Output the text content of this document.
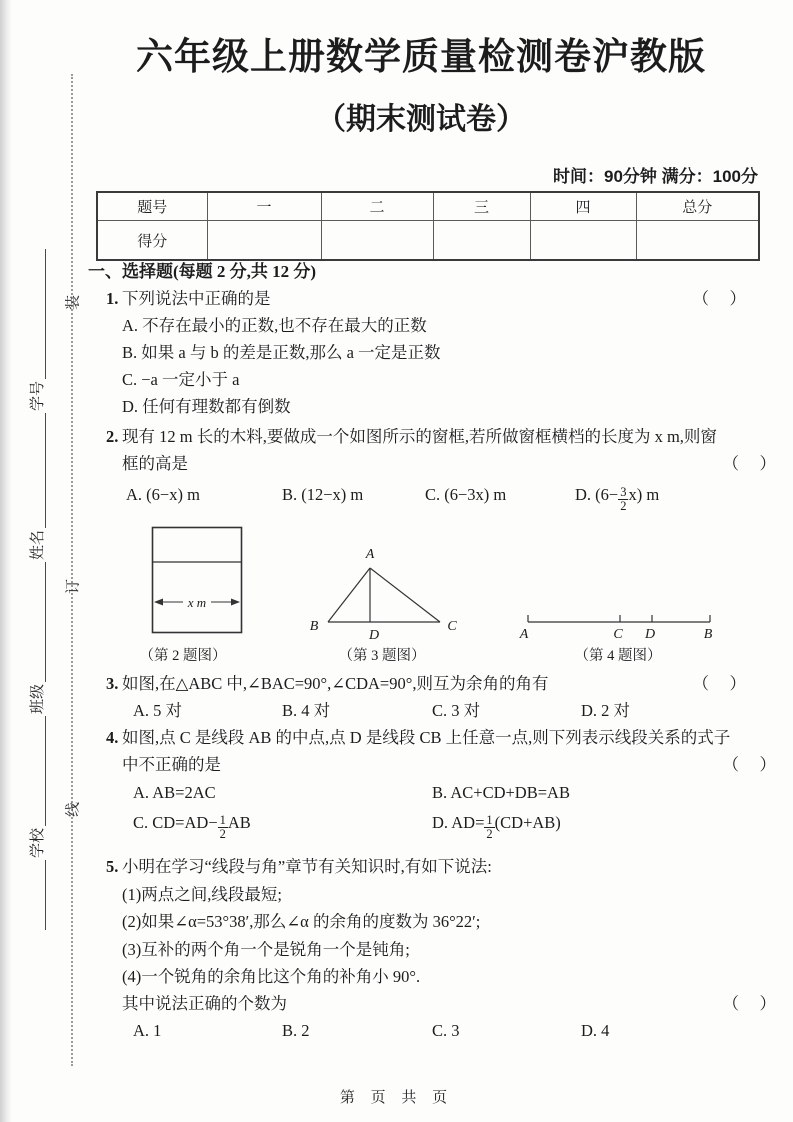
装
订
线
学校
班级
姓名
学号
六年级上册数学质量检测卷沪教版
（期末测试卷）
时间：90分钟 满分：100分
题号	一	二	三	四	总分
得分					
一、选择题(每题 2 分,共 12 分)
1. 下列说法中正确的是	（　）
A. 不存在最小的正数,也不存在最大的正数
B. 如果 a 与 b 的差是正数,那么 a 一定是正数
C. −a 一定小于 a
D. 任何有理数都有倒数
2. 现有 12 m 长的木料,要做成一个如图所示的窗框,若所做窗框横档的长度为 x m,则窗
框的高是	（　）
A. (6−x) m	B. (12−x) m	C. (6−3x) m	D. $(6- \frac{3}{2} x)$ m
x m
（第 2 题图）
A
B	C
D
（第 3 题图）
A	C D	B
（第 4 题图）
3. 如图,在△ABC 中,∠BAC=90°,∠CDA=90°,则互为余角的角有	（　）
A. 5 对	B. 4 对	C. 3 对	D. 2 对
4. 如图,点 C 是线段 AB 的中点,点 D 是线段 CB 上任意一点,则下列表示线段关系的式子
中不正确的是	（　）
A. AB=2AC	B. AC+CD+DB=AB
C. $CD=AD- \frac{1}{2}$ AB	D. $AD= \frac{1}{2} (CD+AB)$
5. 小明在学习“线段与角”章节有关知识时,有如下说法:
(1)两点之间,线段最短;
(2)如果∠α=53°38′,那么∠α 的余角的度数为 36°22′;
(3)互补的两个角一个是锐角一个是钝角;
(4)一个锐角的余角比这个角的补角小 90°.
其中说法正确的个数为	（　）
A. 1	B. 2	C. 3	D. 4
第 页 共 页
